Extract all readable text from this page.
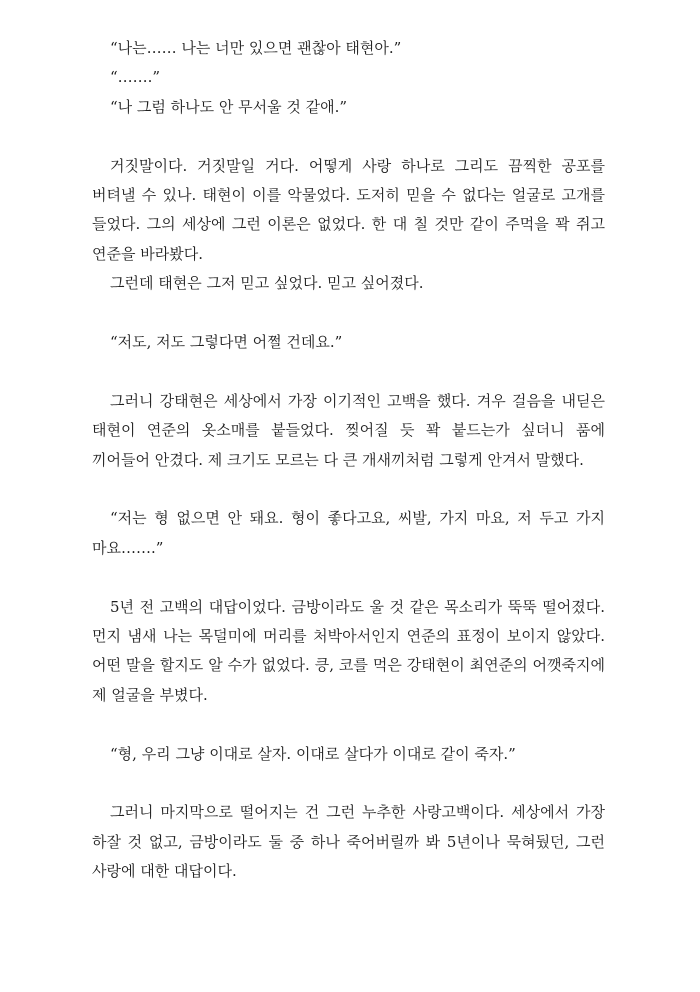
“나는…… 나는 너만 있으면 괜찮아 태현아.”

“…….”

“나 그럼 하나도 안 무서울 것 같애.”

거짓말이다. 거짓말일 거다. 어떻게 사랑 하나로 그리도 끔찍한 공포를 버텨낼 수 있나. 태현이 이를 악물었다. 도저히 믿을 수 없다는 얼굴로 고개를 들었다. 그의 세상에 그런 이론은 없었다. 한 대 칠 것만 같이 주먹을 꽉 쥐고 연준을 바라봤다.

그런데 태현은 그저 믿고 싶었다. 믿고 싶어졌다.

“저도, 저도 그렇다면 어쩔 건데요.”

그러니 강태현은 세상에서 가장 이기적인 고백을 했다. 겨우 걸음을 내딛은 태현이 연준의 옷소매를 붙들었다. 찢어질 듯 꽉 붙드는가 싶더니 품에 끼어들어 안겼다. 제 크기도 모르는 다 큰 개새끼처럼 그렇게 안겨서 말했다.

“저는 형 없으면 안 돼요. 형이 좋다고요, 씨발, 가지 마요, 저 두고 가지 마요…….”

5년 전 고백의 대답이었다. 금방이라도 울 것 같은 목소리가 뚝뚝 떨어졌다. 먼지 냄새 나는 목덜미에 머리를 처박아서인지 연준의 표정이 보이지 않았다. 어떤 말을 할지도 알 수가 없었다. 킁, 코를 먹은 강태현이 최연준의 어깻죽지에 제 얼굴을 부볐다.

“형, 우리 그냥 이대로 살자. 이대로 살다가 이대로 같이 죽자.”

그러니 마지막으로 떨어지는 건 그런 누추한 사랑고백이다. 세상에서 가장 하잘 것 없고, 금방이라도 둘 중 하나 죽어버릴까 봐 5년이나 묵혀뒀던, 그런 사랑에 대한 대답이다.
